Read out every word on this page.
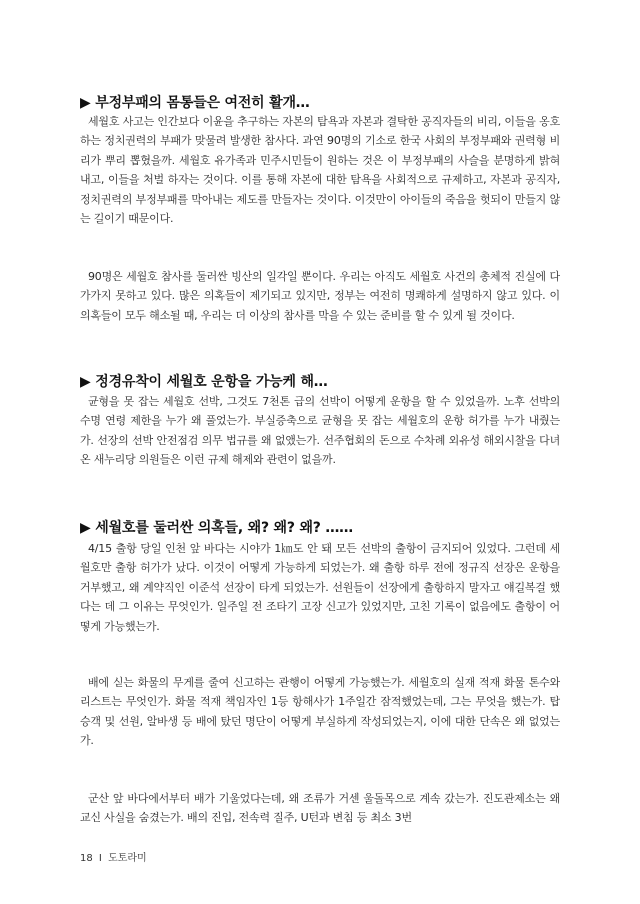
▶ 부정부패의 몸통들은 여전히 활개…

세월호 사고는 인간보다 이윤을 추구하는 자본의 탐욕과 자본과 결탁한 공직자들의 비리, 이들을 옹호하는 정치권력의 부패가 맞물려 발생한 참사다. 과연 90명의 기소로 한국 사회의 부정부패와 권력형 비리가 뿌리 뽑혔을까. 세월호 유가족과 민주시민들이 원하는 것은 이 부정부패의 사슬을 분명하게 밝혀내고, 이들을 처벌 하자는 것이다. 이를 통해 자본에 대한 탐욕을 사회적으로 규제하고, 자본과 공직자, 정치권력의 부정부패를 막아내는 제도를 만들자는 것이다. 이것만이 아이들의 죽음을 헛되이 만들지 않는 길이기 때문이다.

90명은 세월호 참사를 둘러싼 빙산의 일각일 뿐이다. 우리는 아직도 세월호 사건의 총체적 진실에 다가가지 못하고 있다. 많은 의혹들이 제기되고 있지만, 정부는 여전히 명쾌하게 설명하지 않고 있다. 이 의혹들이 모두 해소될 때, 우리는 더 이상의 참사를 막을 수 있는 준비를 할 수 있게 될 것이다.

▶ 정경유착이 세월호 운항을 가능케 해…

균형을 못 잡는 세월호 선박, 그것도 7천톤 급의 선박이 어떻게 운항을 할 수 있었을까. 노후 선박의 수명 연령 제한을 누가 왜 풀었는가. 부실증축으로 균형을 못 잡는 세월호의 운항 허가를 누가 내줬는가. 선장의 선박 안전점검 의무 법규를 왜 없앴는가. 선주협회의 돈으로 수차례 외유성 해외시찰을 다녀온 새누리당 의원들은 이런 규제 해제와 관련이 없을까.

▶ 세월호를 둘러싼 의혹들, 왜? 왜? 왜? ……

4/15 출항 당일 인천 앞 바다는 시야가 1㎞도 안 돼 모든 선박의 출항이 금지되어 있었다. 그런데 세월호만 출항 허가가 났다. 이것이 어떻게 가능하게 되었는가. 왜 출항 하루 전에 정규직 선장은 운항을 거부했고, 왜 계약직인 이준석 선장이 타게 되었는가. 선원들이 선장에게 출항하지 말자고 얘길복걸 했다는 데 그 이유는 무엇인가. 일주일 전 조타기 고장 신고가 있었지만, 고친 기록이 없음에도 출항이 어떻게 가능했는가.

배에 싣는 화물의 무게를 줄여 신고하는 관행이 어떻게 가능했는가. 세월호의 실재 적재 화물 톤수와 리스트는 무엇인가. 화물 적재 책임자인 1등 항해사가 1주일간 잠적했었는데, 그는 무엇을 했는가. 탑승객 및 선원, 알바생 등 배에 탔던 명단이 어떻게 부실하게 작성되었는지, 이에 대한 단속은 왜 없었는가.

군산 앞 바다에서부터 배가 기울었다는데, 왜 조류가 거센 울돌목으로 계속 갔는가. 진도관제소는 왜 교신 사실을 숨겼는가. 배의 진입, 전속력 질주, U턴과 변침 등 최소 3번

18 I 도토라미
